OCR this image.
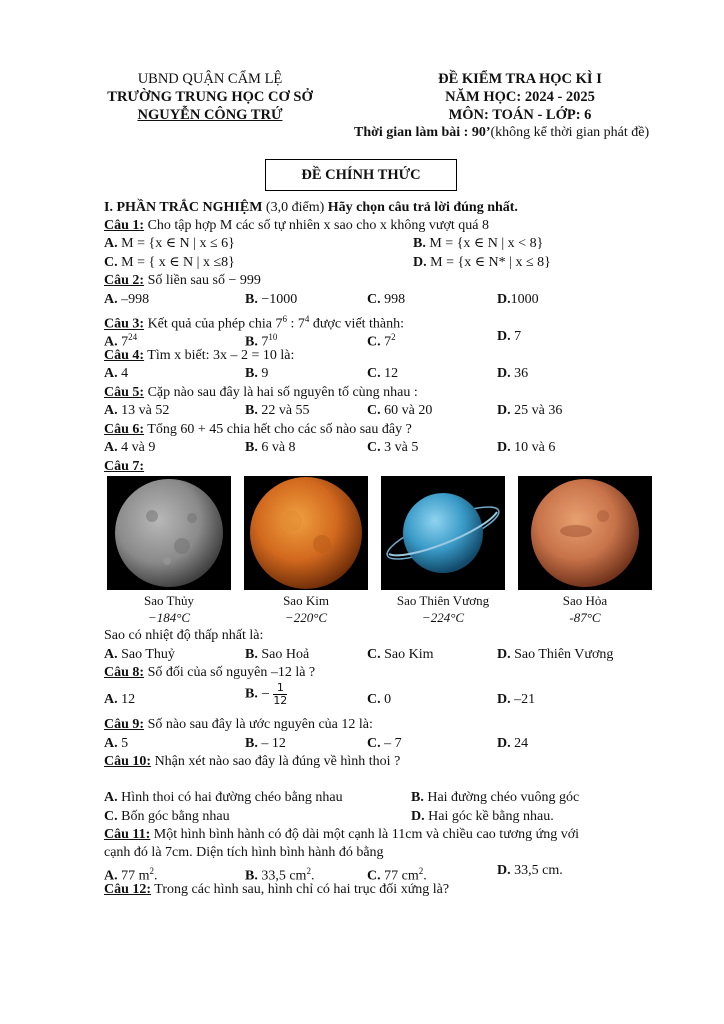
UBND QUẬN CẨM LỆ
TRƯỜNG TRUNG HỌC CƠ SỞ
NGUYỄN CÔNG TRỨ
ĐỀ KIỂM TRA HỌC KÌ I
NĂM HỌC: 2024 - 2025
MÔN: TOÁN - LỚP: 6
Thời gian làm bài : 90’(không kể thời gian phát đề)
ĐỀ CHÍNH THỨC
I. PHẦN TRẮC NGHIỆM (3,0 điểm) Hãy chọn câu trả lời đúng nhất.
Câu 1: Cho tập hợp M các số tự nhiên x sao cho x không vượt quá 8
A. M = {x ∈ N | x ≤ 6}	B. M = {x ∈ N | x < 8}
C. M = { x ∈ N | x ≤8}	D. M = {x ∈ N* | x ≤ 8}
Câu 2: Số liền sau số − 999
A. –998	B. −1000	C. 998	D.1000
Câu 3: Kết quả của phép chia $7^6$ : $7^4$ được viết thành:
A. $7^{24}$	B. $7^{10}$	C. $7^2$	D. 7
Câu 4: Tìm x biết: 3x – 2 = 10 là:
A. 4	B. 9	C. 12	D. 36
Câu 5: Cặp nào sau đây là hai số nguyên tố cùng nhau :
A. 13 và 52	B. 22 và 55	C. 60 và 20	D. 25 và 36
Câu 6: Tổng 60 + 45 chia hết cho các số nào sau đây ?
A. 4 và 9	B. 6 và 8	C. 3 và 5	D. 10 và 6
Câu 7:
Sao Thủy
−184°C
Sao Kim
−220°C
Sao Thiên Vương
−224°C
Sao Hỏa
-87°C
Sao có nhiệt độ thấp nhất là:
A. Sao Thuỷ	B. Sao Hoả	C. Sao Kim	D. Sao Thiên Vương
Câu 8: Số đối của số nguyên –12 là ?
A. 12	B. − $\frac{1}{12}$	C. 0	D. –21
Câu 9: Số nào sau đây là ước nguyên của 12 là:
A. 5	B. – 12	C. – 7	D. 24
Câu 10: Nhận xét nào sao đây là đúng về hình thoi ?
A. Hình thoi có hai đường chéo bằng nhau	B. Hai đường chéo vuông góc
C. Bốn góc bằng nhau	D. Hai góc kề bằng nhau.
Câu 11: Một hình bình hành có độ dài một cạnh là 11cm và chiều cao tương ứng với
cạnh đó là 7cm. Diện tích hình bình hành đó bằng
A. 77 $m^2$.	B. 33,5 $cm^2$.	C. 77 $cm^2$.	D. 33,5 cm.
Câu 12: Trong các hình sau, hình chỉ có hai trục đối xứng là?
